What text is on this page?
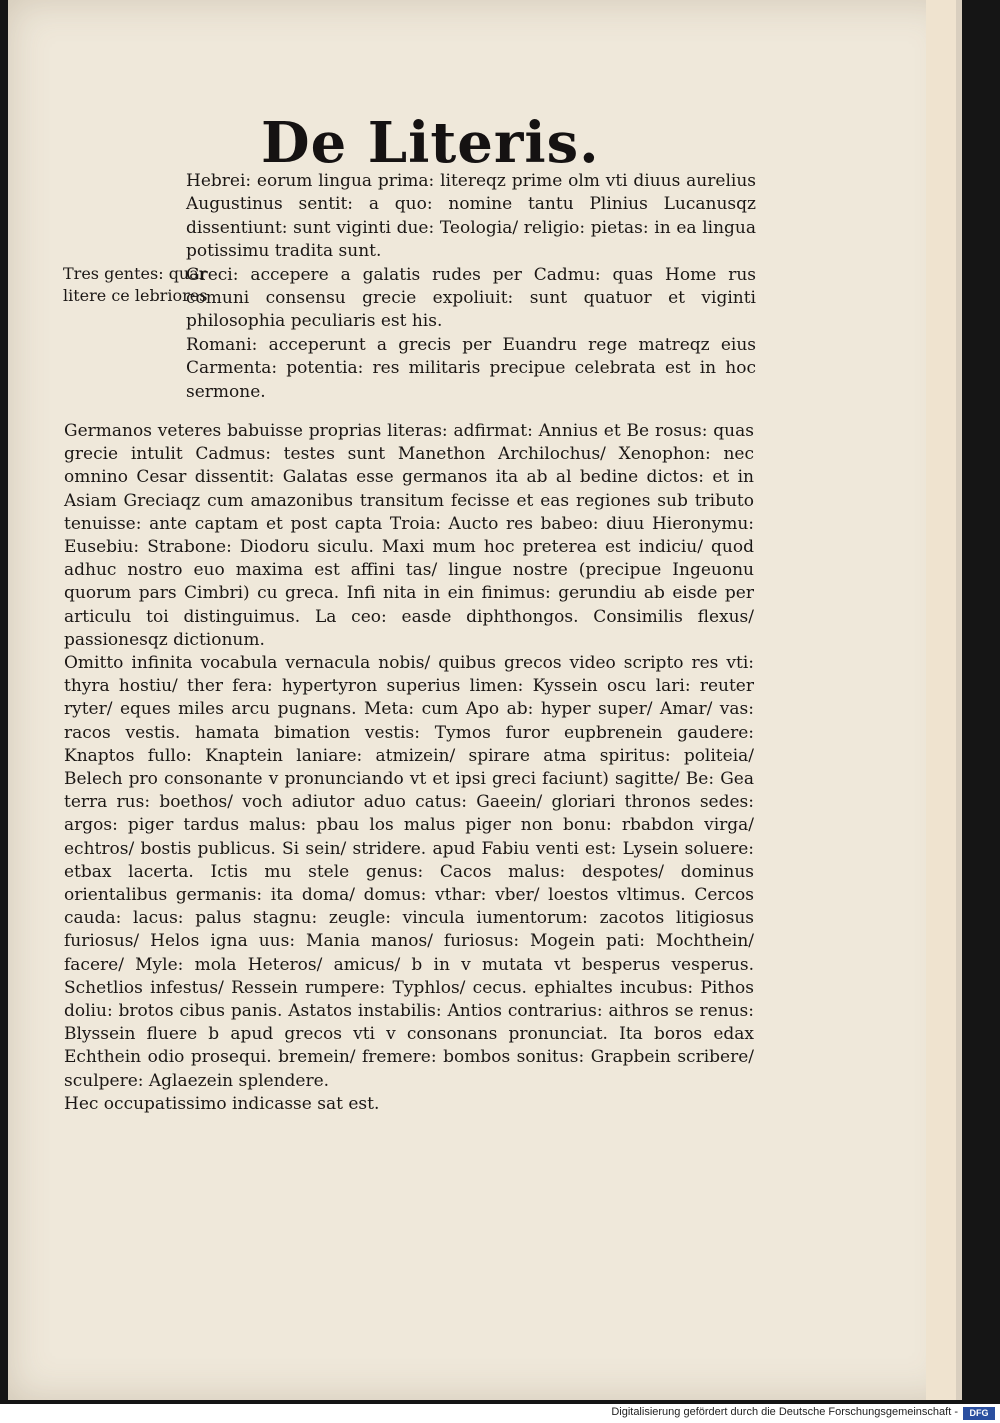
De Literis.

Hebrei: eorum lingua prima: litereqz prime olm vti diuus aurelius Augustinus sentit: a quo: nomine tantu Plinius Lucanusqz dissentiunt: sunt viginti due: Teologia/ religio: pietas: in ea lingua potissimu tradita sunt.

Greci: accepere a galatis rudes per Cadmu: quas Home rus comuni consensu grecie expoliuit: sunt quatuor et viginti philosophia peculiaris est his.

Romani: acceperunt a grecis per Euandru rege matreqz eius Carmenta: potentia: res militaris precipue celebrata est in hoc sermone.

Tres gentes: quar litere ce lebriores

Germanos veteres babuisse proprias literas: adfirmat: Annius et Be rosus: quas grecie intulit Cadmus: testes sunt Manethon Archilochus/ Xenophon: nec omnino Cesar dissentit: Galatas esse germanos ita ab al bedine dictos: et in Asiam Greciaqz cum amazonibus transitum fecisse et eas regiones sub tributo tenuisse: ante captam et post capta Troia: Aucto res babeo: diuu Hieronymu: Eusebiu: Strabone: Diodoru siculu. Maxi mum hoc preterea est indiciu/ quod adhuc nostro euo maxima est affini tas/ lingue nostre (precipue Ingeuonu quorum pars Cimbri) cu greca. Infi nita in ein finimus: gerundiu ab eisde per articulu toi distinguimus. La ceo: easde diphthongos. Consimilis flexus/ passionesqz dictionum.

Omitto infinita vocabula vernacula nobis/ quibus grecos video scripto res vti: thyra hostiu/ ther fera: hypertyron superius limen: Kyssein oscu lari: reuter ryter/ eques miles arcu pugnans. Meta: cum Apo ab: hyper super/ Amar/ vas: racos vestis. hamata bimation vestis: Tymos furor eupbrenein gaudere: Knaptos fullo: Knaptein laniare: atmizein/ spirare atma spiritus: politeia/ Belech pro consonante v pronunciando vt et ipsi greci faciunt) sagitte/ Be: Gea terra rus: boethos/ voch adiutor aduo catus: Gaeein/ gloriari thronos sedes: argos: piger tardus malus: pbau los malus piger non bonu: rbabdon virga/ echtros/ bostis publicus. Si sein/ stridere. apud Fabiu venti est: Lysein soluere: etbax lacerta. Ictis mu stele genus: Cacos malus: despotes/ dominus orientalibus germanis: ita doma/ domus: vthar: vber/ loestos vltimus. Cercos cauda: lacus: palus stagnu: zeugle: vincula iumentorum: zacotos litigiosus furiosus/ Helos igna uus: Mania manos/ furiosus: Mogein pati: Mochthein/ facere/ Myle: mola Heteros/ amicus/ b in v mutata vt besperus vesperus. Schetlios infestus/ Ressein rumpere: Typhlos/ cecus. ephialtes incubus: Pithos doliu: brotos cibus panis. Astatos instabilis: Antios contrarius: aithros se renus: Blyssein fluere b apud grecos vti v consonans pronunciat. Ita boros edax Echthein odio prosequi. bremein/ fremere: bombos sonitus: Grapbein scribere/ sculpere: Aglaezein splendere.

Hec occupatissimo indicasse sat est.

Digitalisierung gefördert durch die Deutsche Forschungsgemeinschaft -	DFG
